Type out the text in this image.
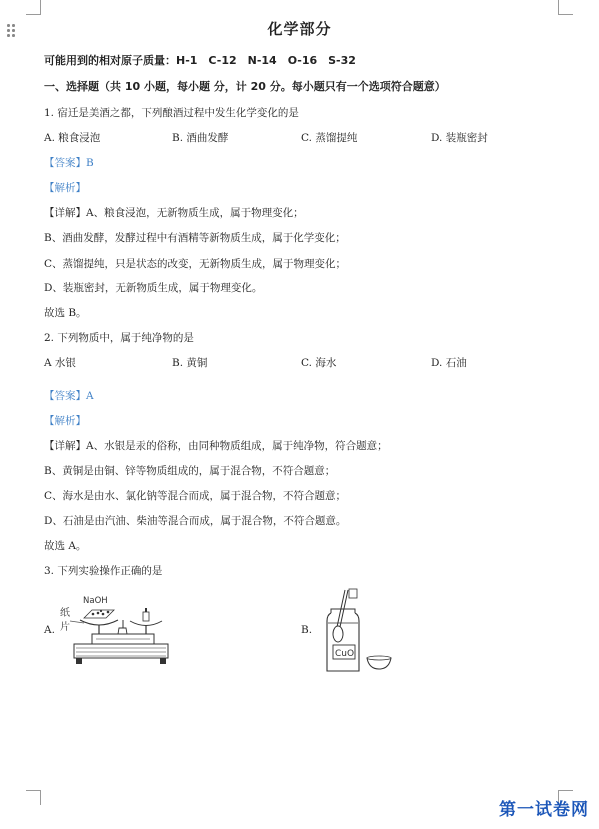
化学部分
可能用到的相对原子质量：H-1　C-12　N-14　O-16　S-32
一、选择题（共 10 小题，每小题 分，计 20 分。每小题只有一个选项符合题意）
1. 宿迁是美酒之都，下列酿酒过程中发生化学变化的是
A. 粮食浸泡	B. 酒曲发酵	C. 蒸馏提纯	D. 装瓶密封
【答案】B
【解析】
【详解】A、粮食浸泡，无新物质生成，属于物理变化；
B、酒曲发酵，发酵过程中有酒精等新物质生成，属于化学变化；
C、蒸馏提纯，只是状态的改变，无新物质生成，属于物理变化；
D、装瓶密封，无新物质生成，属于物理变化。
故选 B。
2. 下列物质中，属于纯净物的是
A 水银	B. 黄铜	C. 海水	D. 石油
【答案】A
【解析】
【详解】A、水银是汞的俗称，由同种物质组成，属于纯净物，符合题意；
B、黄铜是由铜、锌等物质组成的，属于混合物，不符合题意；
C、海水是由水、氯化钠等混合而成，属于混合物，不符合题意；
D、石油是由汽油、柴油等混合而成，属于混合物，不符合题意。
故选 A。
3. 下列实验操作正确的是
A.
NaOH
纸
片	B.
CuO
第一试卷网
